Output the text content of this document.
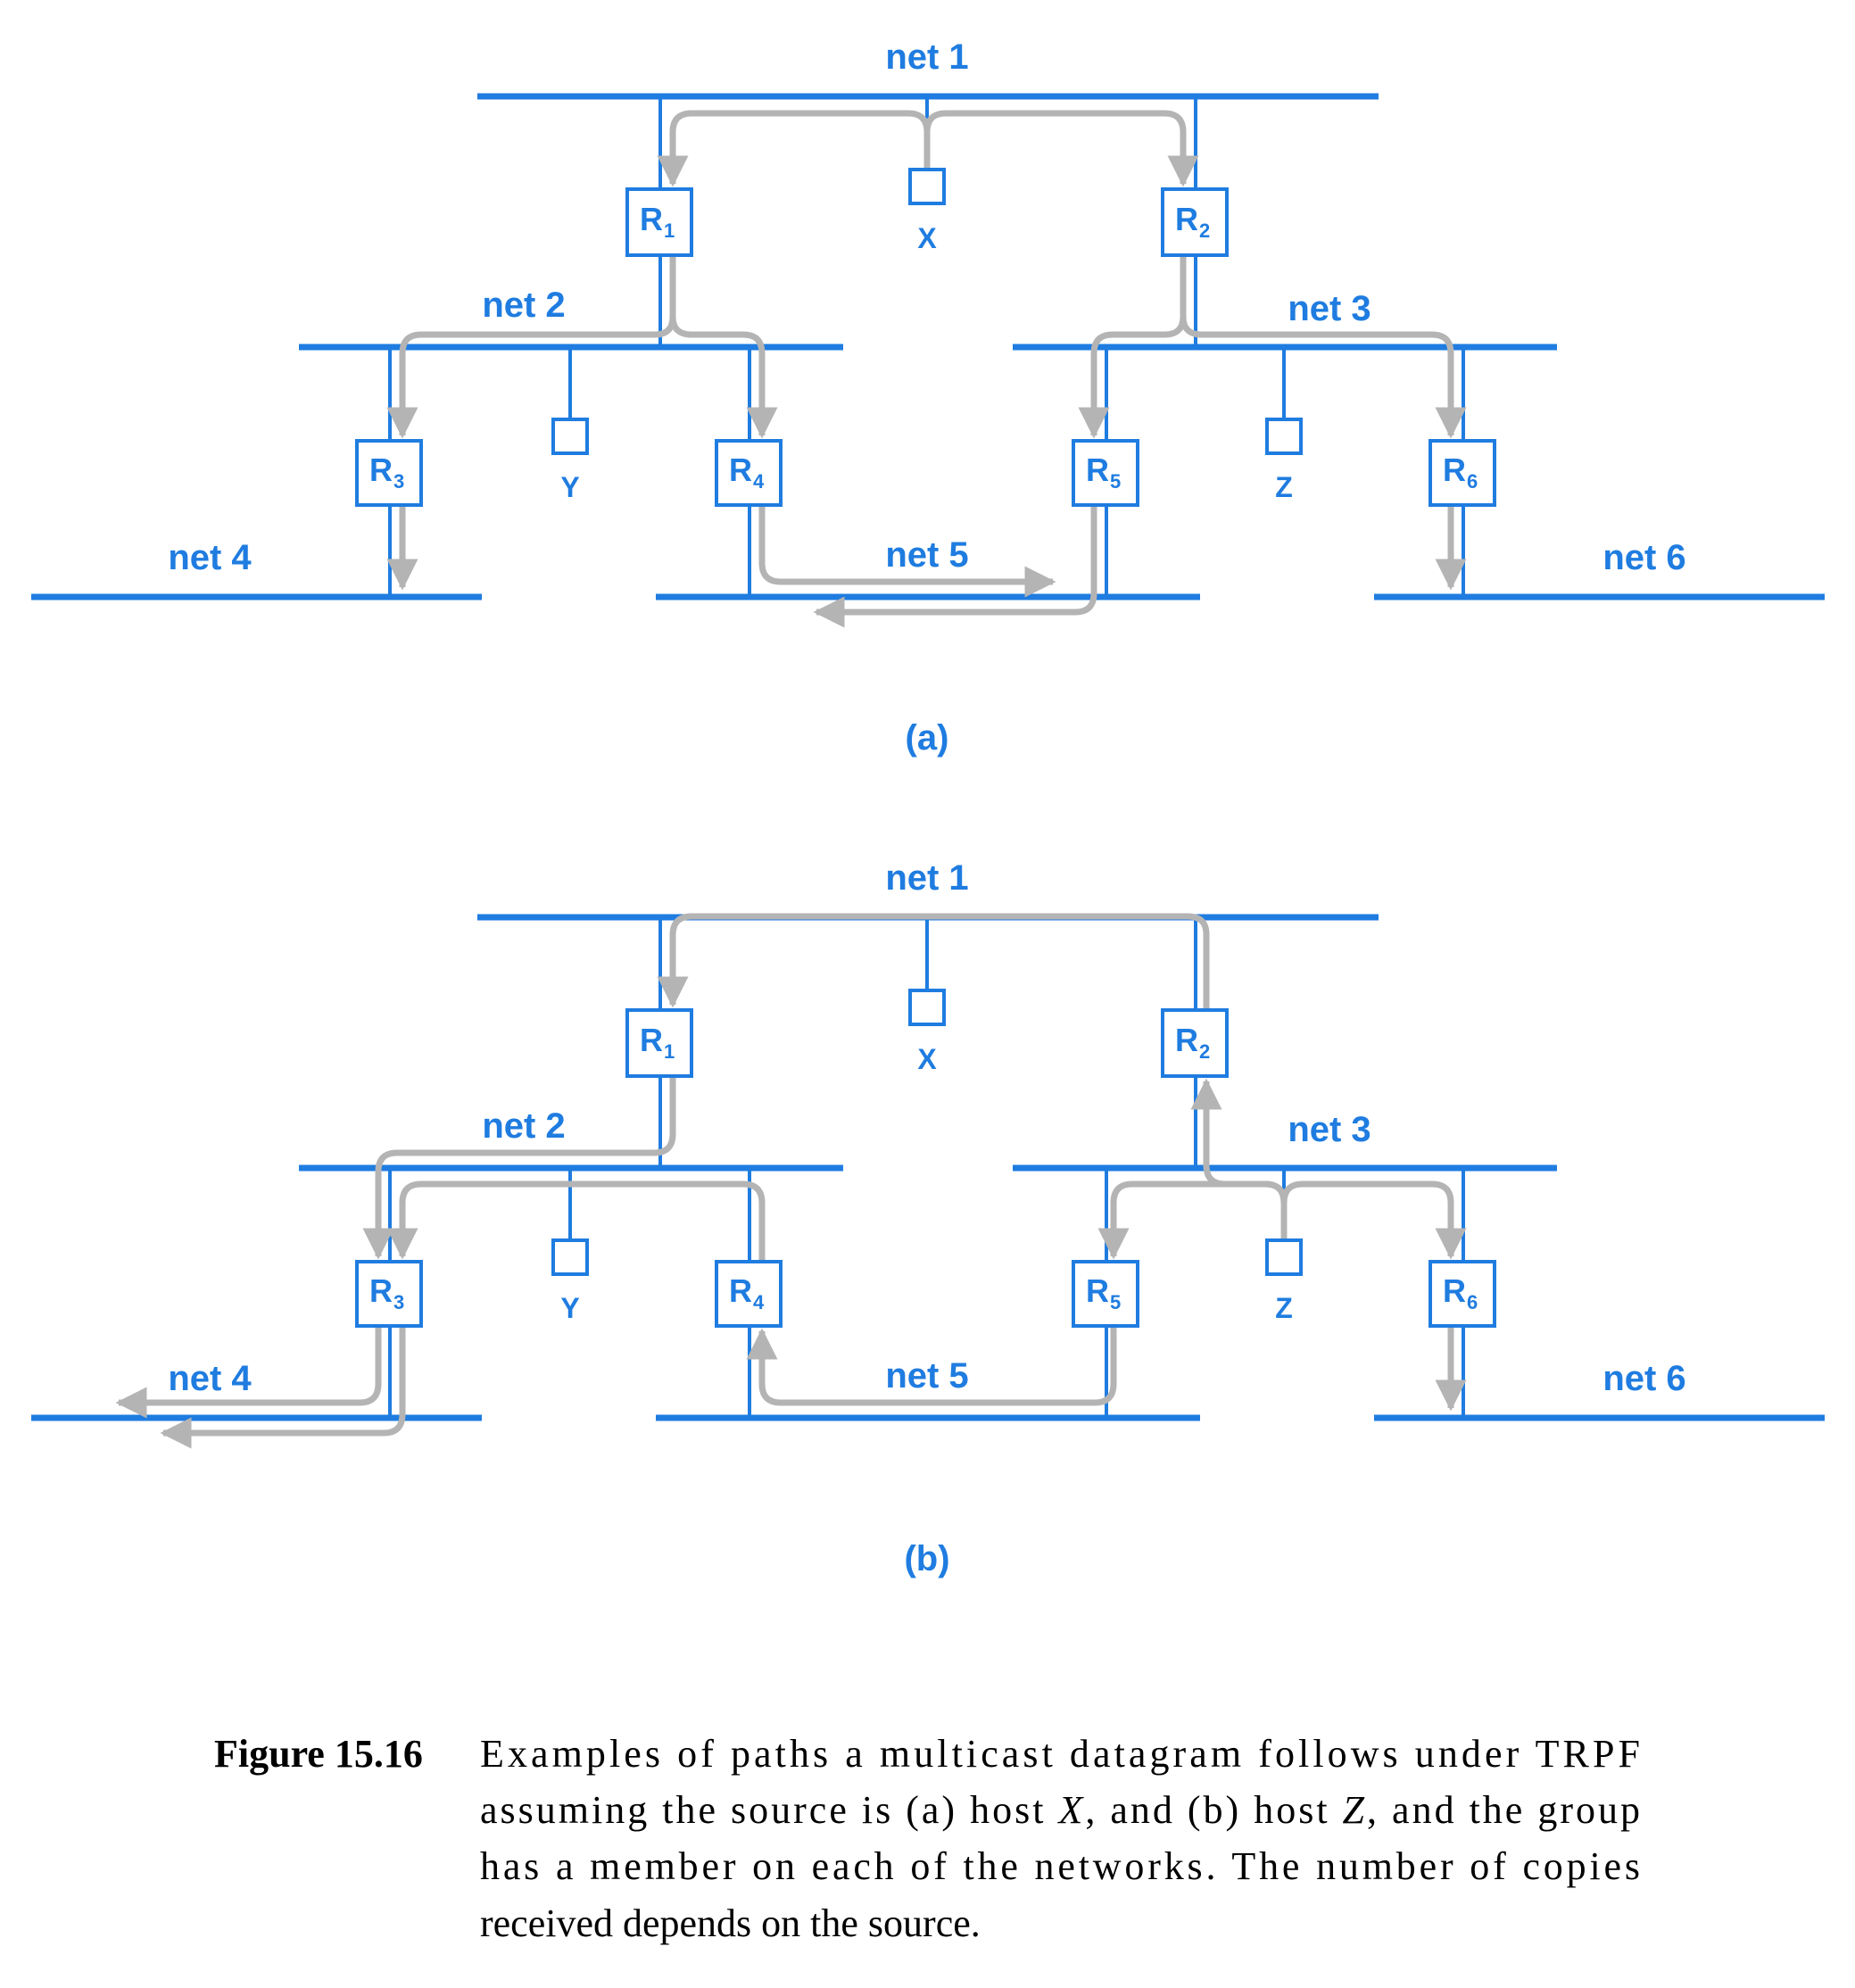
R 1	R 2
R 3	R 4	R 5	R 6
X
Y	Z
net 1
net 2	net 3
net 4	net 5	net 6
(a)
R 1	R 2
R 3	R 4	R 5	R 6
X
Y	Z
net 1
net 2	net 3
net 4	net 5	net 6
(b)
Figure 15.16 Examples of paths a multicast datagram follows under TRPF
assuming the source is (a) host X, and (b) host Z, and the group
has a member on each of the networks. The number of copies
received depends on the source.
